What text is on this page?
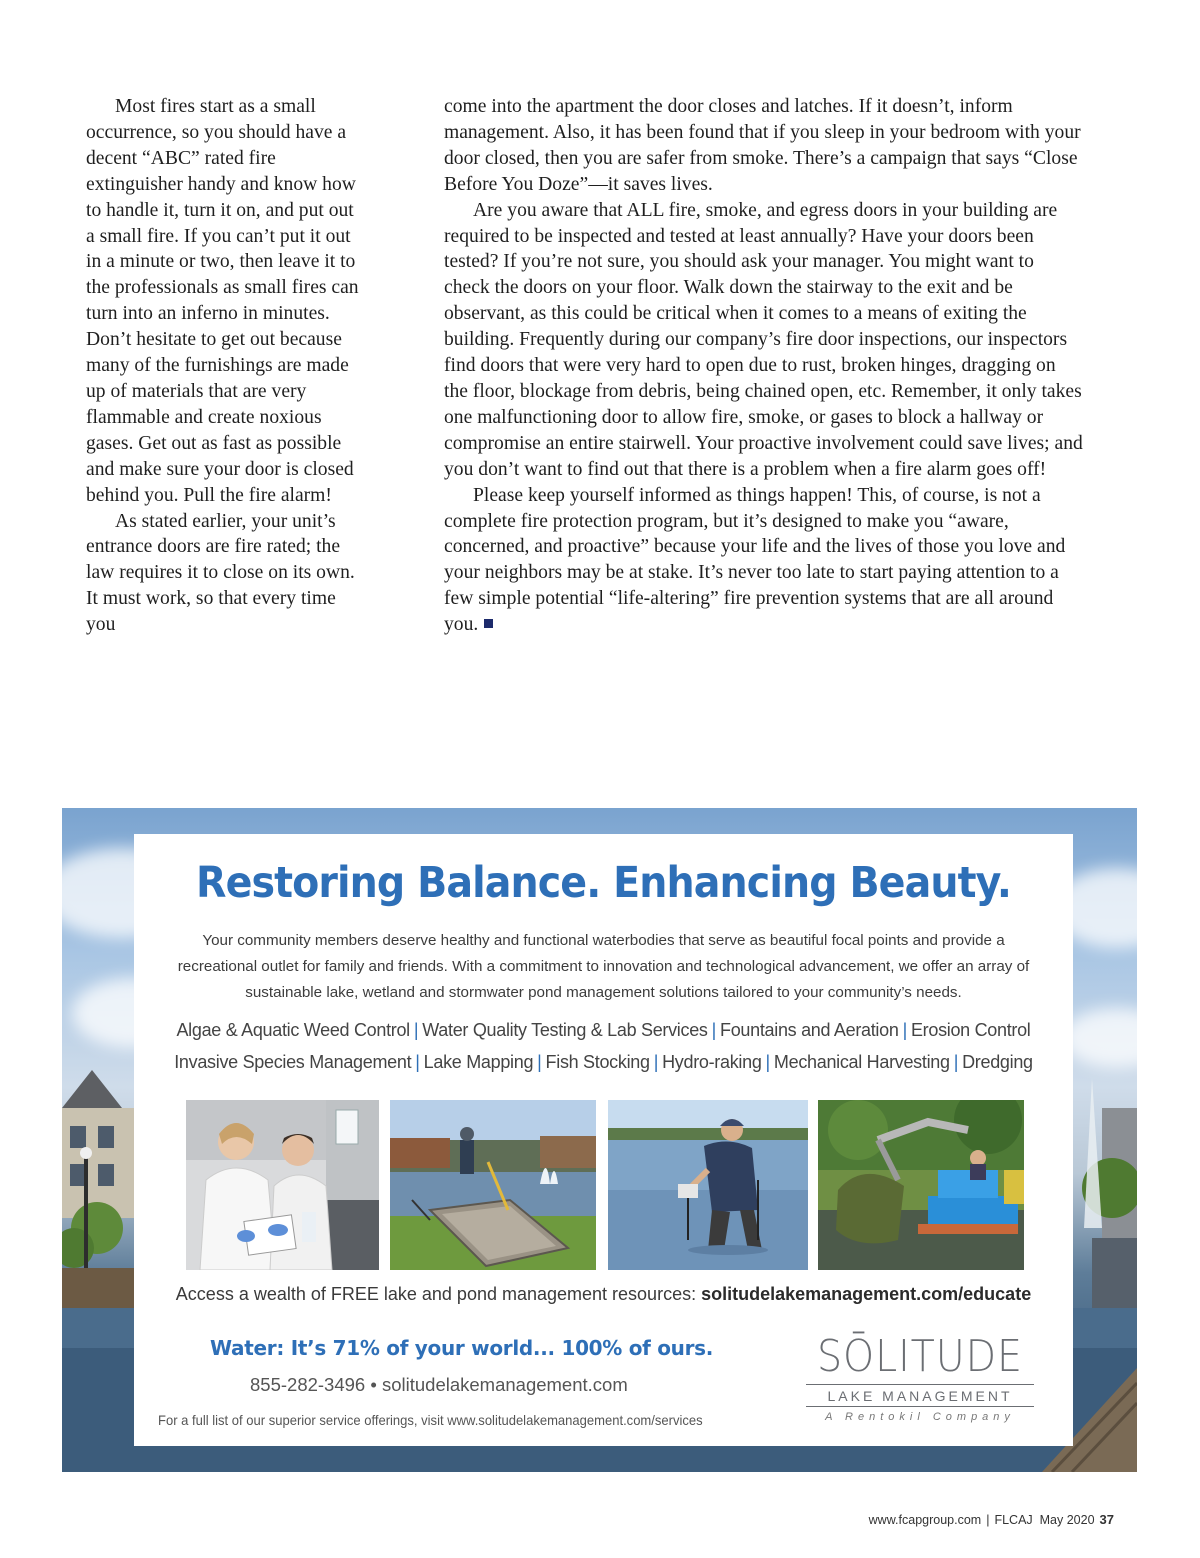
Most fires start as a small occurrence, so you should have a decent “ABC” rated fire extinguisher handy and know how to handle it, turn it on, and put out a small fire. If you can’t put it out in a minute or two, then leave it to the professionals as small fires can turn into an inferno in minutes. Don’t hesitate to get out because many of the furnishings are made up of materials that are very flammable and create noxious gases. Get out as fast as possible and make sure your door is closed behind you. Pull the fire alarm!

As stated earlier, your unit’s entrance doors are fire rated; the law requires it to close on its own. It must work, so that every time you

come into the apartment the door closes and latches. If it doesn’t, inform management. Also, it has been found that if you sleep in your bedroom with your door closed, then you are safer from smoke. There’s a campaign that says “Close Before You Doze”—it saves lives.

Are you aware that ALL fire, smoke, and egress doors in your building are required to be inspected and tested at least annually? Have your doors been tested? If you’re not sure, you should ask your manager. You might want to check the doors on your floor. Walk down the stairway to the exit and be observant, as this could be critical when it comes to a means of exiting the building. Frequently during our company’s fire door inspections, our inspectors find doors that were very hard to open due to rust, broken hinges, dragging on the floor, blockage from debris, being chained open, etc. Remember, it only takes one malfunctioning door to allow fire, smoke, or gases to block a hallway or compromise an entire stairwell. Your proactive involvement could save lives; and you don’t want to find out that there is a problem when a fire alarm goes off!

Please keep yourself informed as things happen! This, of course, is not a complete fire protection program, but it’s designed to make you “aware, concerned, and proactive” because your life and the lives of those you love and your neighbors may be at stake. It’s never too late to start paying attention to a few simple potential “life-altering” fire prevention systems that are all around you.

Restoring Balance. Enhancing Beauty.
Your community members deserve healthy and functional waterbodies that serve as beautiful focal points and provide a recreational outlet for family and friends. With a commitment to innovation and technological advancement, we offer an array of sustainable lake, wetland and stormwater pond management solutions tailored to your community’s needs.
Algae & Aquatic Weed Control | Water Quality Testing & Lab Services | Fountains and Aeration | Erosion Control
Invasive Species Management | Lake Mapping | Fish Stocking | Hydro-raking | Mechanical Harvesting | Dredging
Access a wealth of FREE lake and pond management resources: solitudelakemanagement.com/educate
Water: It’s 71% of your world... 100% of ours.
855-282-3496 • solitudelakemanagement.com
For a full list of our superior service offerings, visit www.solitudelakemanagement.com/services
SŌLITUDE
LAKE MANAGEMENT
A Rentokil Company
www.fcapgroup.com | FLCAJ May 2020 37
